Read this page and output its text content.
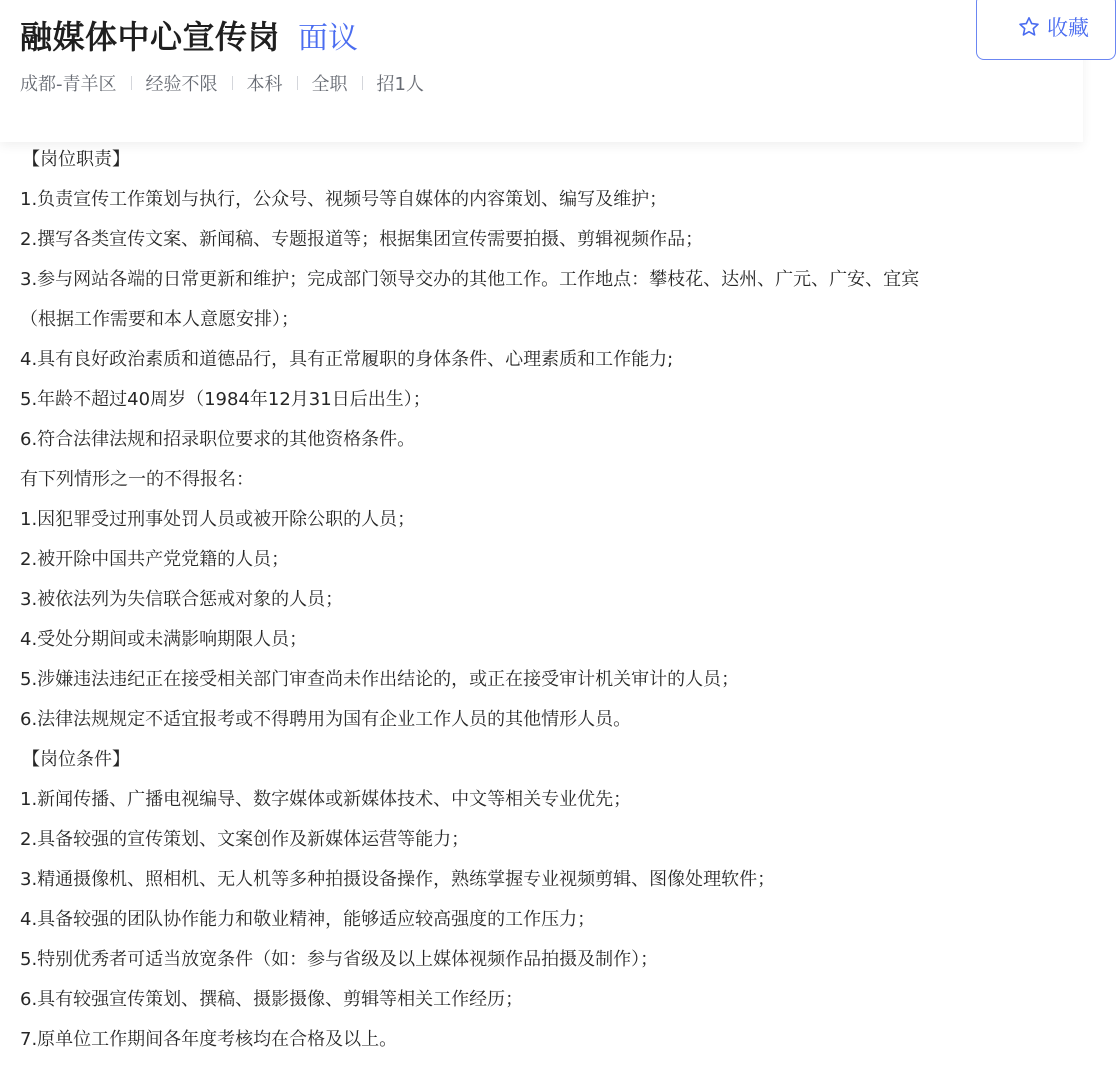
融媒体中心宣传岗 面议
成都-青羊区 经验不限 本科 全职 招1人
收藏
【岗位职责】
1.负责宣传工作策划与执行，公众号、视频号等自媒体的内容策划、编写及维护；
2.撰写各类宣传文案、新闻稿、专题报道等；根据集团宣传需要拍摄、剪辑视频作品；
3.参与网站各端的日常更新和维护；完成部门领导交办的其他工作。工作地点：攀枝花、达州、广元、广安、宜宾
（根据工作需要和本人意愿安排）；
4.具有良好政治素质和道德品行，具有正常履职的身体条件、心理素质和工作能力;
5.年龄不超过40周岁（1984年12月31日后出生）；
6.符合法律法规和招录职位要求的其他资格条件。
有下列情形之一的不得报名：
1.因犯罪受过刑事处罚人员或被开除公职的人员；
2.被开除中国共产党党籍的人员；
3.被依法列为失信联合惩戒对象的人员；
4.受处分期间或未满影响期限人员；
5.涉嫌违法违纪正在接受相关部门审查尚未作出结论的，或正在接受审计机关审计的人员；
6.法律法规规定不适宜报考或不得聘用为国有企业工作人员的其他情形人员。
【岗位条件】
1.新闻传播、广播电视编导、数字媒体或新媒体技术、中文等相关专业优先；
2.具备较强的宣传策划、文案创作及新媒体运营等能力；
3.精通摄像机、照相机、无人机等多种拍摄设备操作，熟练掌握专业视频剪辑、图像处理软件；
4.具备较强的团队协作能力和敬业精神，能够适应较高强度的工作压力；
5.特别优秀者可适当放宽条件（如：参与省级及以上媒体视频作品拍摄及制作）；
6.具有较强宣传策划、撰稿、摄影摄像、剪辑等相关工作经历；
7.原单位工作期间各年度考核均在合格及以上。
